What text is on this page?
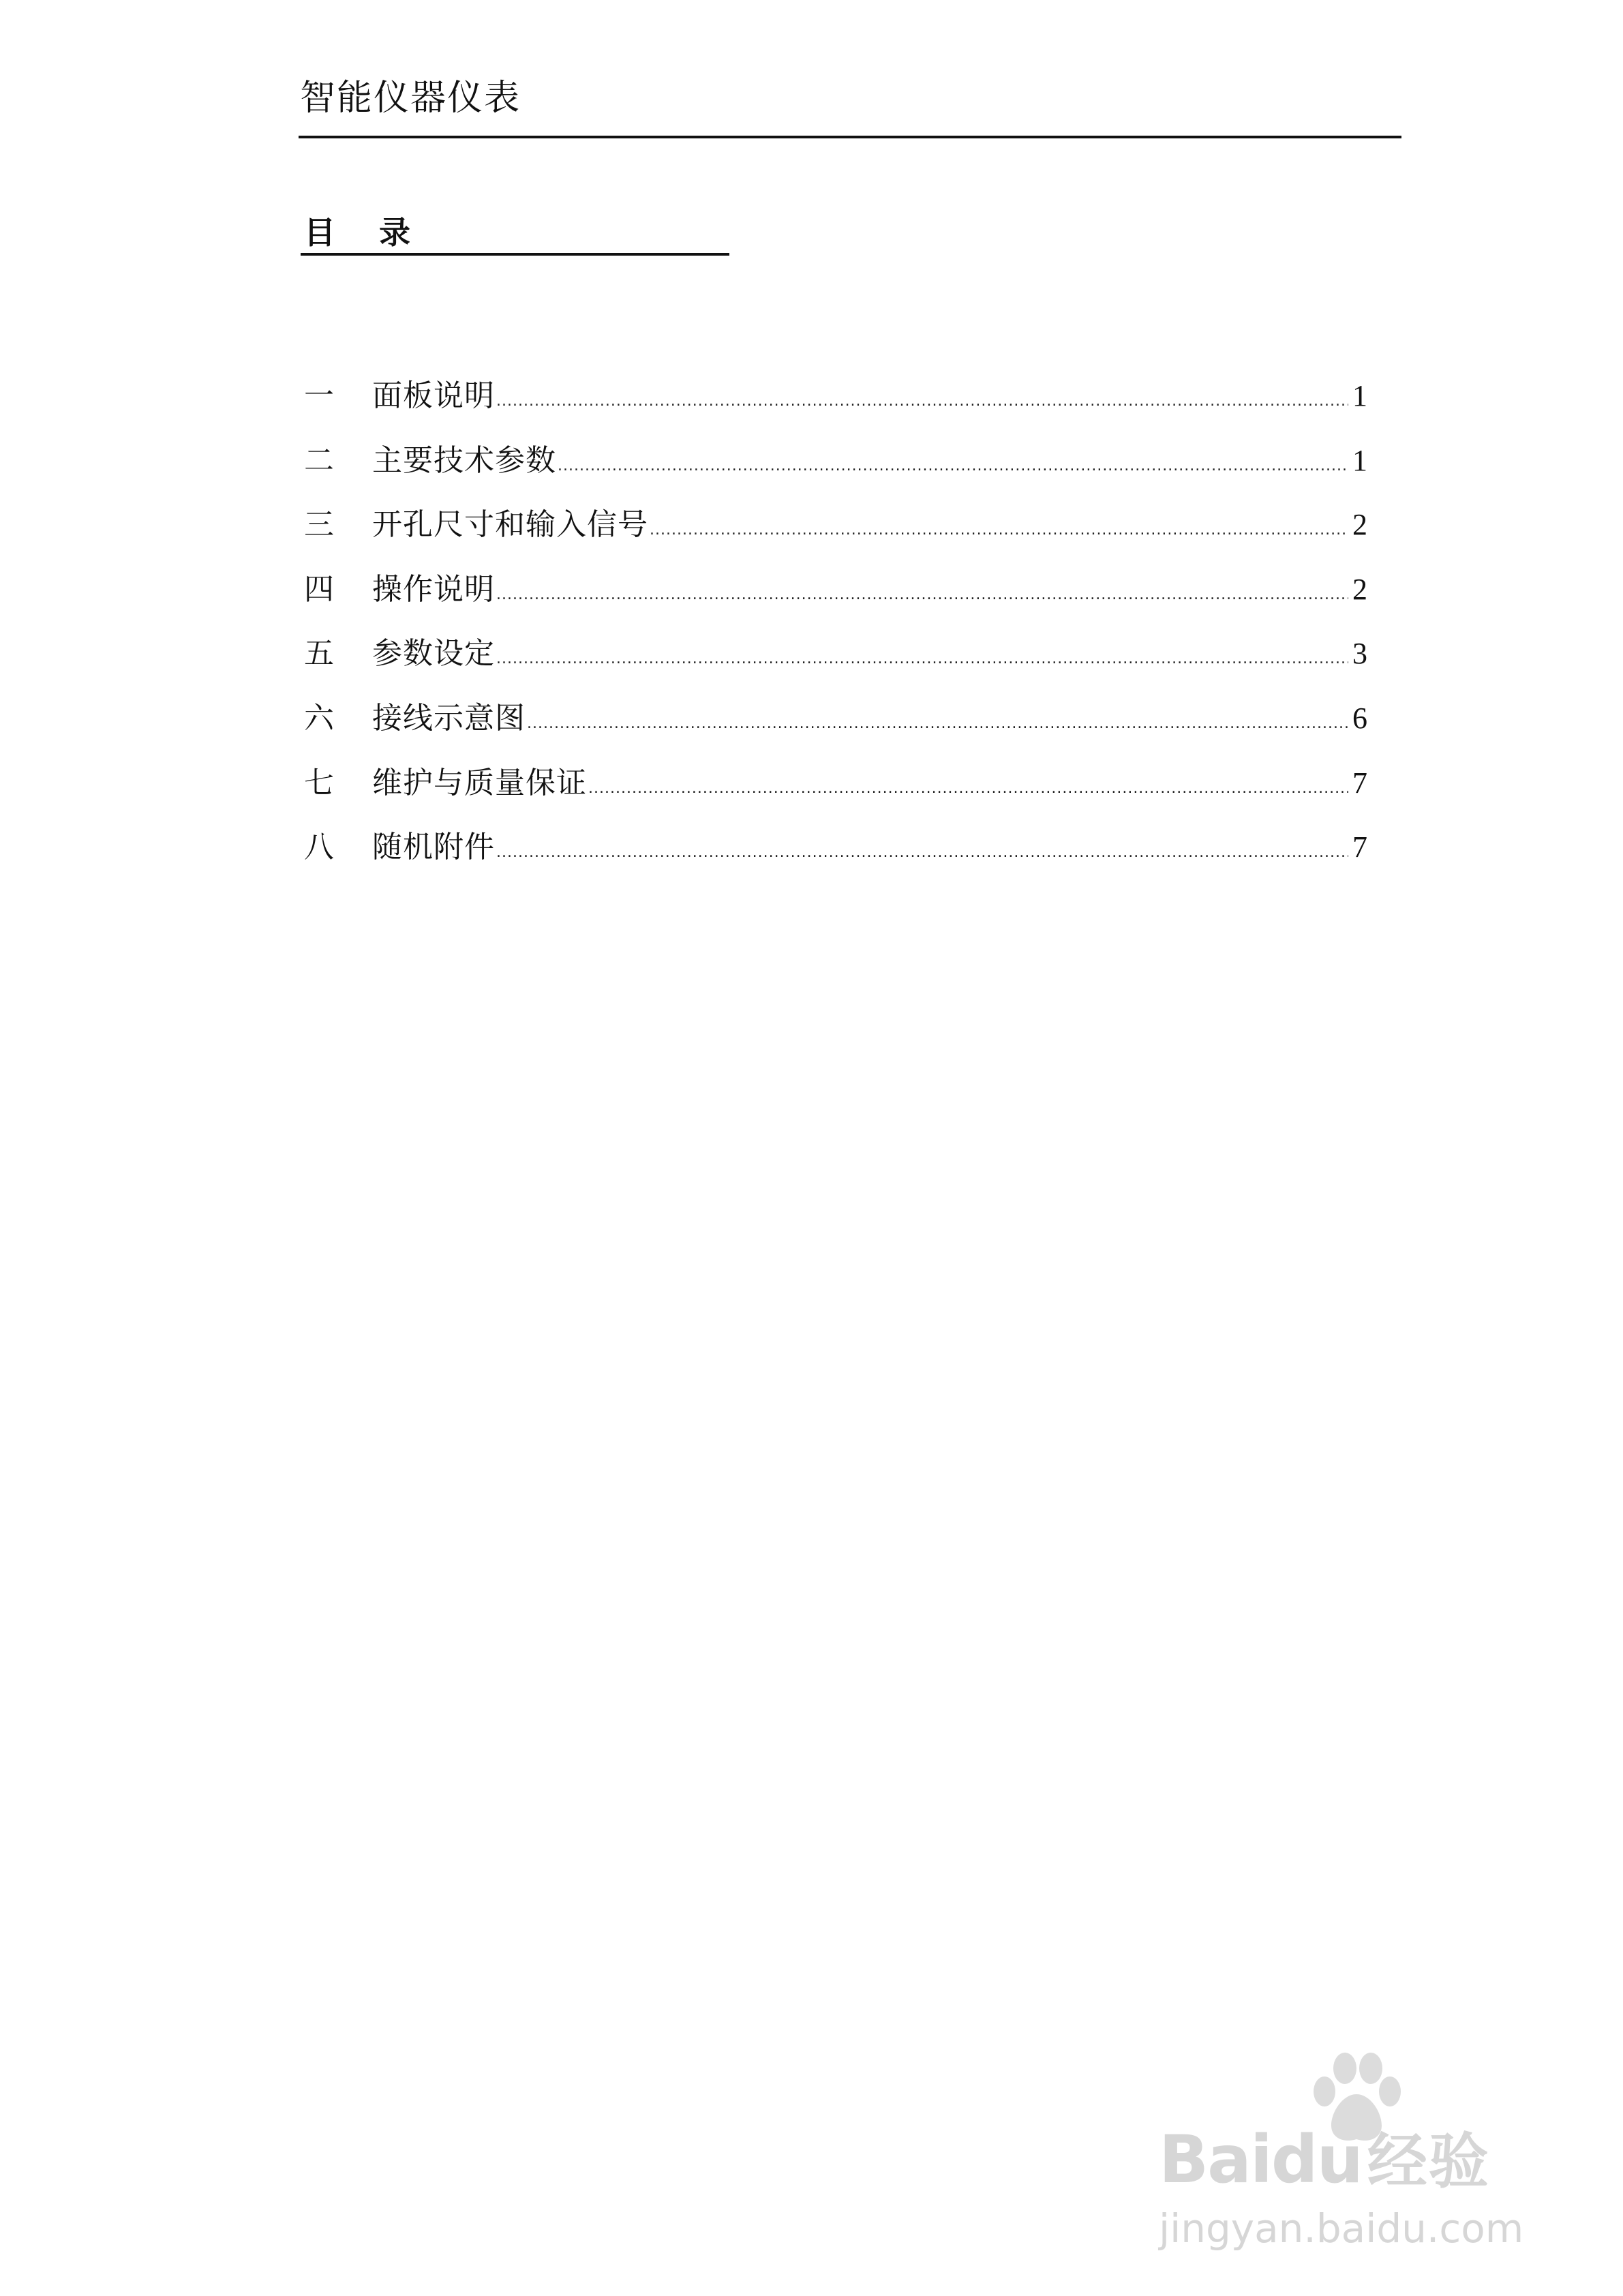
智能仪器仪表
目录
一	面板说明 .....	1
二	主要技术参数 .....	1
三	开孔尺寸和输入信号 .....	2
四	操作说明 .....	2
五	参数设定 .....	3
六	接线示意图 .....	6
七	维护与质量保证 .....	7
八	随机附件 .....	7
Baidu经验
jingyan.baidu.com
